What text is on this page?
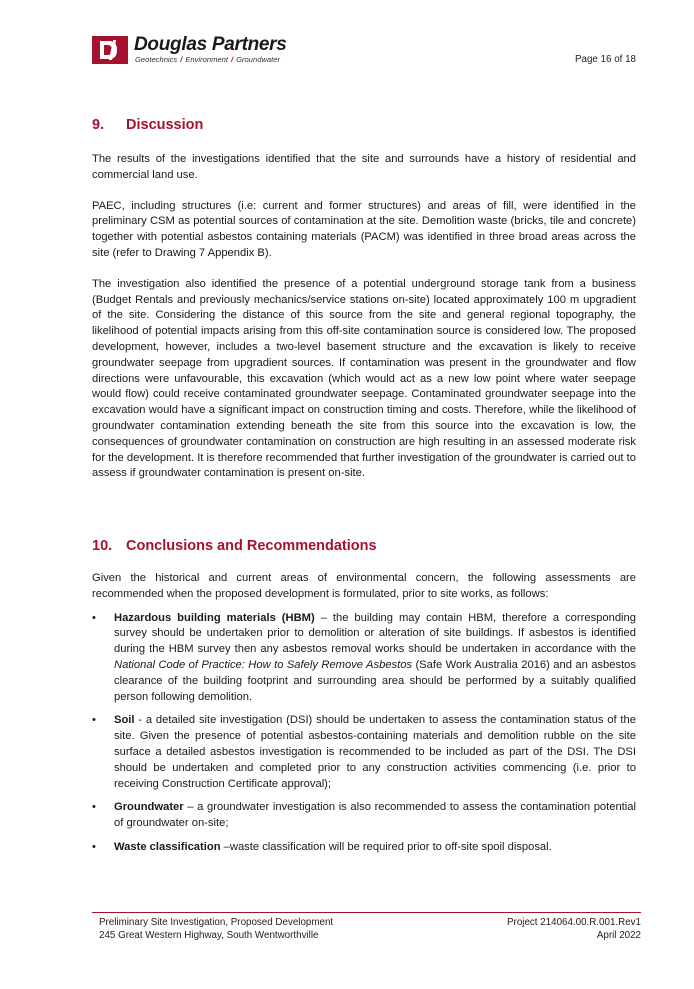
Douglas Partners
Geotechnics / Environment / Groundwater	Page 16 of 18
9.	Discussion

The results of the investigations identified that the site and surrounds have a history of residential and commercial land use.

PAEC, including structures (i.e: current and former structures) and areas of fill, were identified in the preliminary CSM as potential sources of contamination at the site. Demolition waste (bricks, tile and concrete) together with potential asbestos containing materials (PACM) was identified in three broad areas across the site (refer to Drawing 7 Appendix B).

The investigation also identified the presence of a potential underground storage tank from a business (Budget Rentals and previously mechanics/service stations on-site) located approximately 100 m upgradient of the site. Considering the distance of this source from the site and general regional topography, the likelihood of potential impacts arising from this off-site contamination source is considered low. The proposed development, however, includes a two-level basement structure and the excavation is likely to receive groundwater seepage from upgradient sources. If contamination was present in the groundwater and flow directions were unfavourable, this excavation (which would act as a new low point where water seepage would flow) could receive contaminated groundwater seepage. Contaminated groundwater seepage into the excavation would have a significant impact on construction timing and costs. Therefore, while the likelihood of groundwater contamination extending beneath the site from this source into the excavation is low, the consequences of groundwater contamination on construction are high resulting in an assessed moderate risk for the development. It is therefore recommended that further investigation of the groundwater is carried out to assess if groundwater contamination is present on-site.

10. Conclusions and Recommendations

Given the historical and current areas of environmental concern, the following assessments are recommended when the proposed development is formulated, prior to site works, as follows:

• Hazardous building materials (HBM) – the building may contain HBM, therefore a corresponding survey should be undertaken prior to demolition or alteration of site buildings. If asbestos is identified during the HBM survey then any asbestos removal works should be undertaken in accordance with the National Code of Practice: How to Safely Remove Asbestos (Safe Work Australia 2016) and an asbestos clearance of the building footprint and surrounding area should be performed by a suitably qualified person following demolition.
• Soil - a detailed site investigation (DSI) should be undertaken to assess the contamination status of the site. Given the presence of potential asbestos-containing materials and demolition rubble on the site surface a detailed asbestos investigation is recommended to be included as part of the DSI. The DSI should be undertaken and completed prior to any construction activities commencing (i.e. prior to receiving Construction Certificate approval);
• Groundwater – a groundwater investigation is also recommended to assess the contamination potential of groundwater on-site;
• Waste classification –waste classification will be required prior to off-site spoil disposal.
Preliminary Site Investigation, Proposed Development
245 Great Western Highway, South Wentworthville
Project 214064.00.R.001.Rev1
April 2022
